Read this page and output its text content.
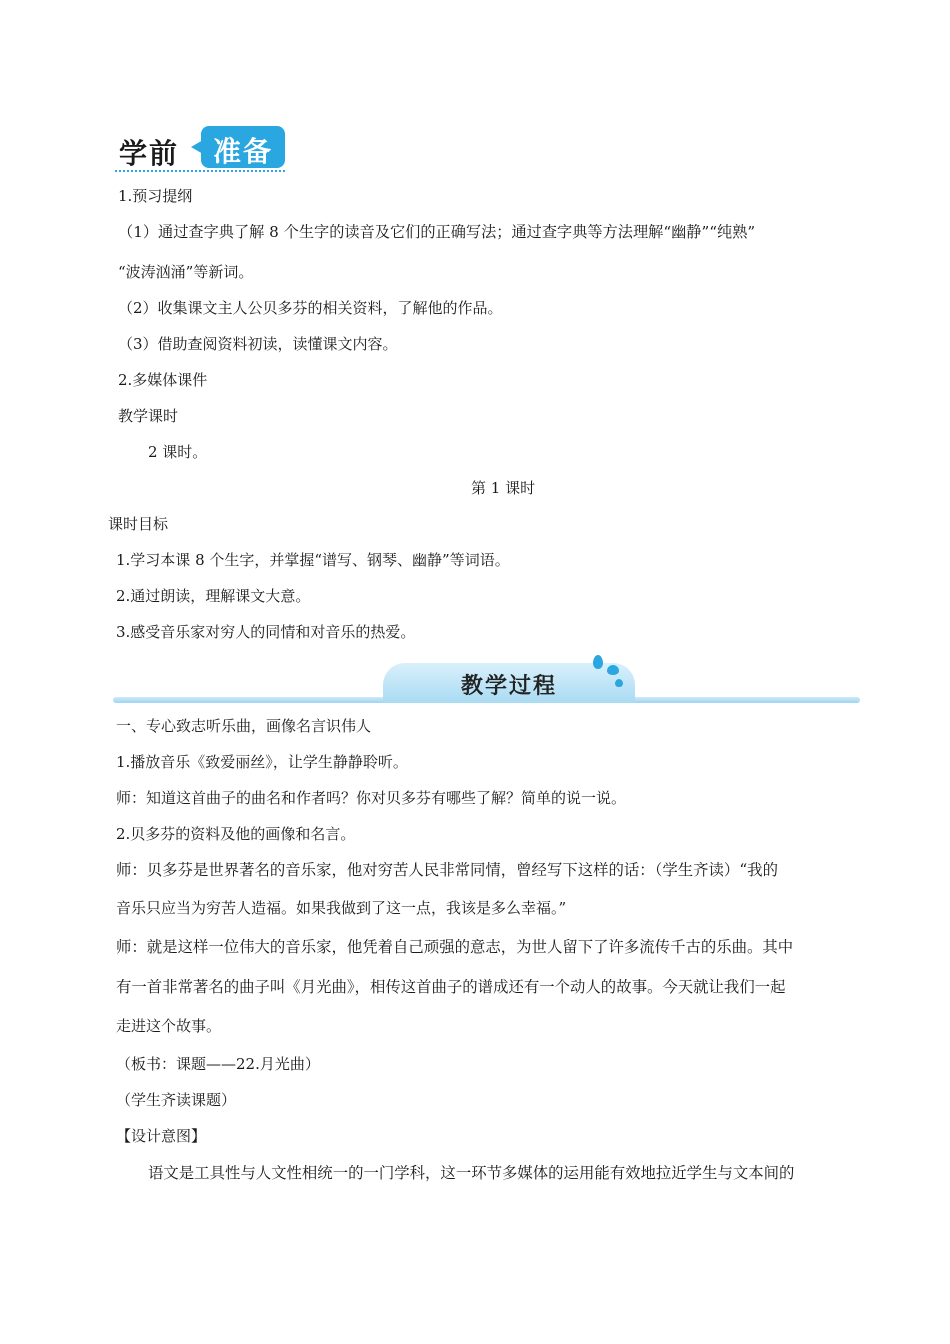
学前	准备
1.预习提纲
（1）通过查字典了解 8 个生字的读音及它们的正确写法；通过查字典等方法理解“幽静”“纯熟”
“波涛汹涌”等新词。
（2）收集课文主人公贝多芬的相关资料，了解他的作品。
（3）借助查阅资料初读，读懂课文内容。
2.多媒体课件
教学课时
2 课时。
第 1 课时
课时目标
1.学习本课 8 个生字，并掌握“谱写、钢琴、幽静”等词语。
2.通过朗读，理解课文大意。
3.感受音乐家对穷人的同情和对音乐的热爱。
教学过程
一、专心致志听乐曲，画像名言识伟人
1.播放音乐《致爱丽丝》，让学生静静聆听。
师：知道这首曲子的曲名和作者吗？你对贝多芬有哪些了解？简单的说一说。
2.贝多芬的资料及他的画像和名言。
师：贝多芬是世界著名的音乐家，他对穷苦人民非常同情，曾经写下这样的话：（学生齐读）“我的
音乐只应当为穷苦人造福。如果我做到了这一点，我该是多么幸福。”
师：就是这样一位伟大的音乐家，他凭着自己顽强的意志，为世人留下了许多流传千古的乐曲。其中
有一首非常著名的曲子叫《月光曲》，相传这首曲子的谱成还有一个动人的故事。今天就让我们一起
走进这个故事。
（板书：课题——22.月光曲）
（学生齐读课题）
【设计意图】
语文是工具性与人文性相统一的一门学科，这一环节多媒体的运用能有效地拉近学生与文本间的
